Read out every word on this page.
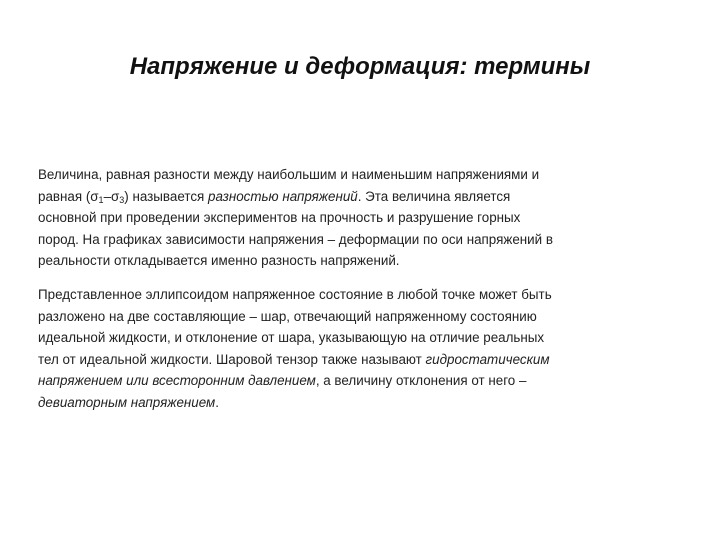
Напряжение и деформация: термины

Величина, равная разности между наибольшим и наименьшим напряжениями и
равная $(\sigma_1-\sigma_3)$ называется разностью напряжений. Эта величина является
основной при проведении экспериментов на прочность и разрушение горных
пород. На графиках зависимости напряжения – деформации по оси напряжений в
реальности откладывается именно разность напряжений.

Представленное эллипсоидом напряженное состояние в любой точке может быть
разложено на две составляющие – шар, отвечающий напряженному состоянию
идеальной жидкости, и отклонение от шара, указывающую на отличие реальных
тел от идеальной жидкости. Шаровой тензор также называют гидростатическим
напряжением или всесторонним давлением, а величину отклонения от него –
девиаторным напряжением.
